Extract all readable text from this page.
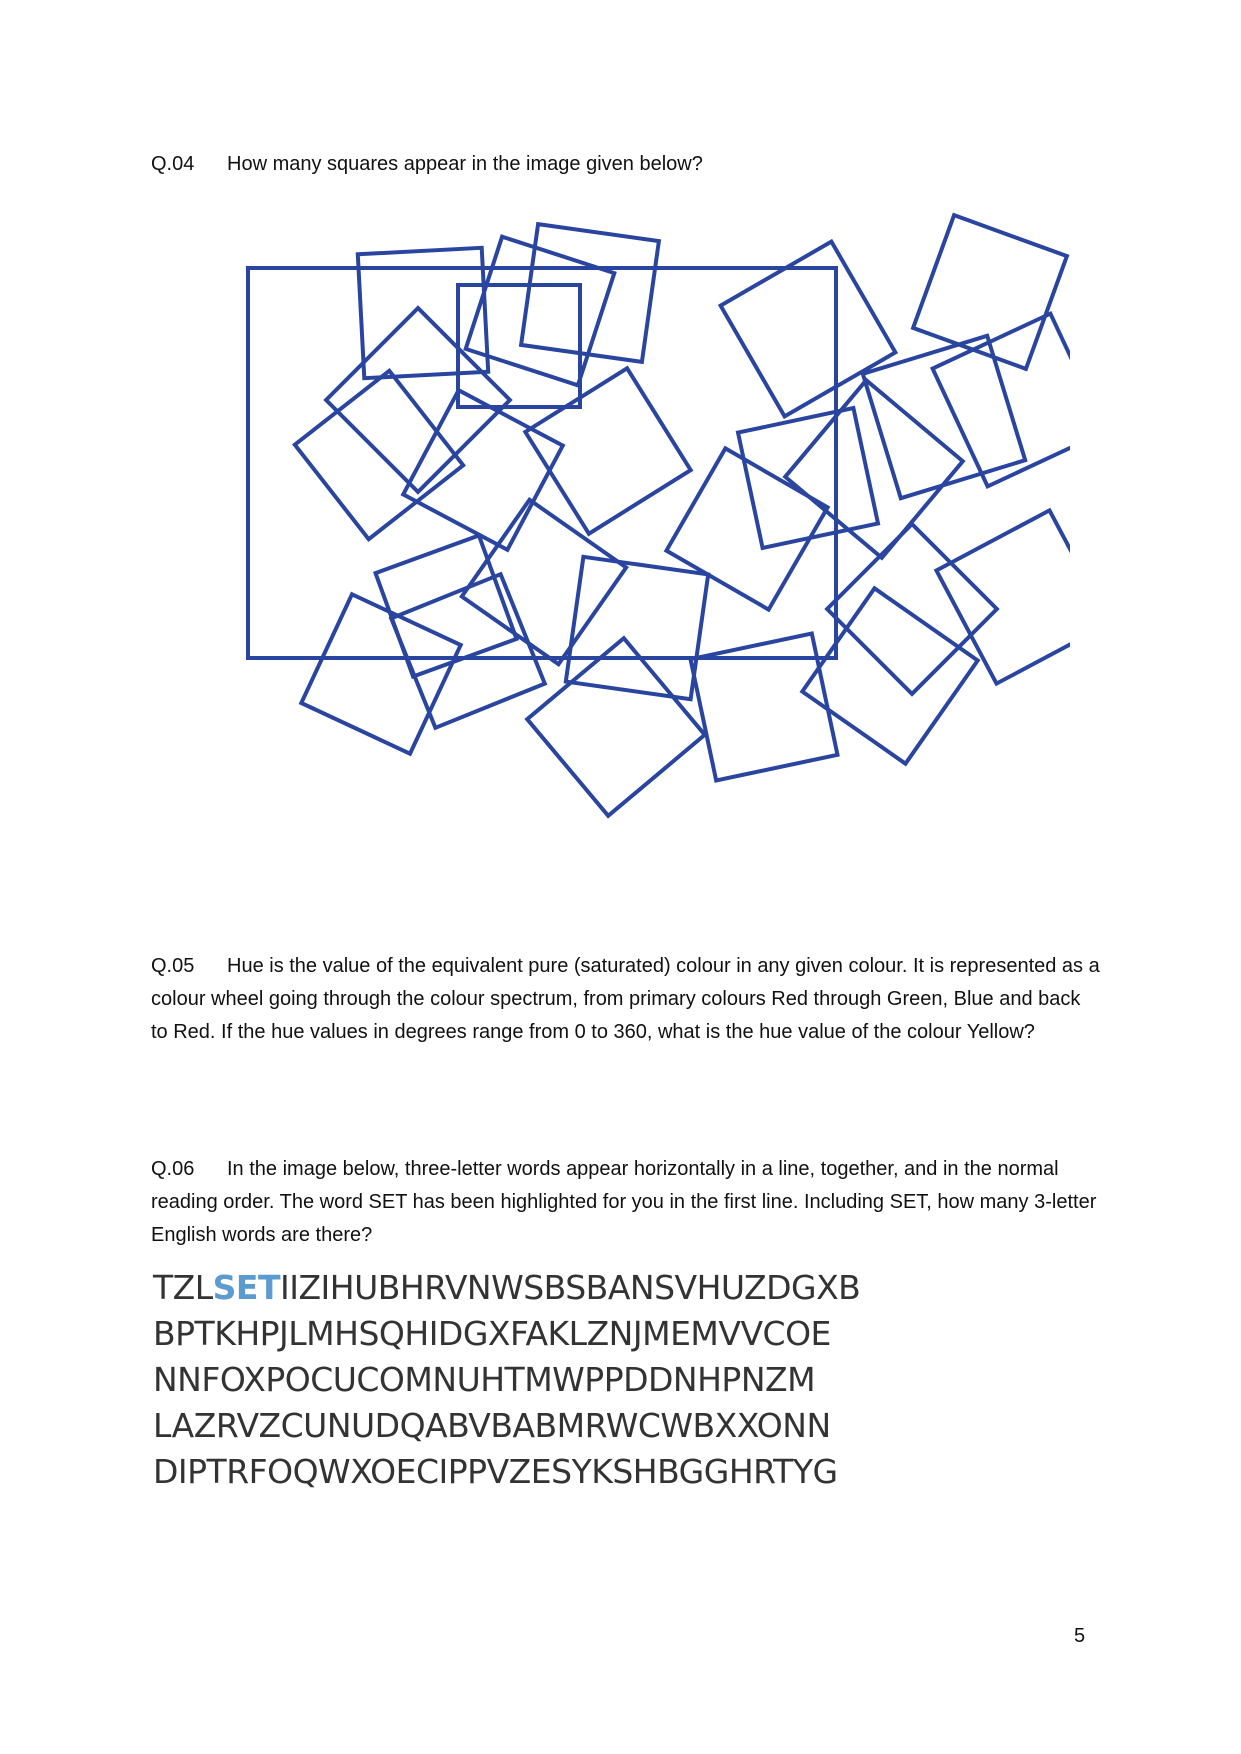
Q.04 How many squares appear in the image given below?
Q.05 Hue is the value of the equivalent pure (saturated) colour in any given colour. It is represented as a colour wheel going through the colour spectrum, from primary colours Red through Green, Blue and back to Red. If the hue values in degrees range from 0 to 360, what is the hue value of the colour Yellow?
Q.06 In the image below, three-letter words appear horizontally in a line, together, and in the normal reading order. The word SET has been highlighted for you in the first line. Including SET, how many 3-letter English words are there?
TZLSETIIZIHUBHRVNWSBSBANSVHUZDGXB
BPTKHPJLMHSQHIDGXFAKLZNJMEMVVCOE
NNFOXPOCUCOMNUHTMWPPDDNHPNZM
LAZRVZCUNUDQABVBABMRWCWBXXONN
DIPTRFOQWXOECIPPVZESYKSHBGGHRTYG
5
